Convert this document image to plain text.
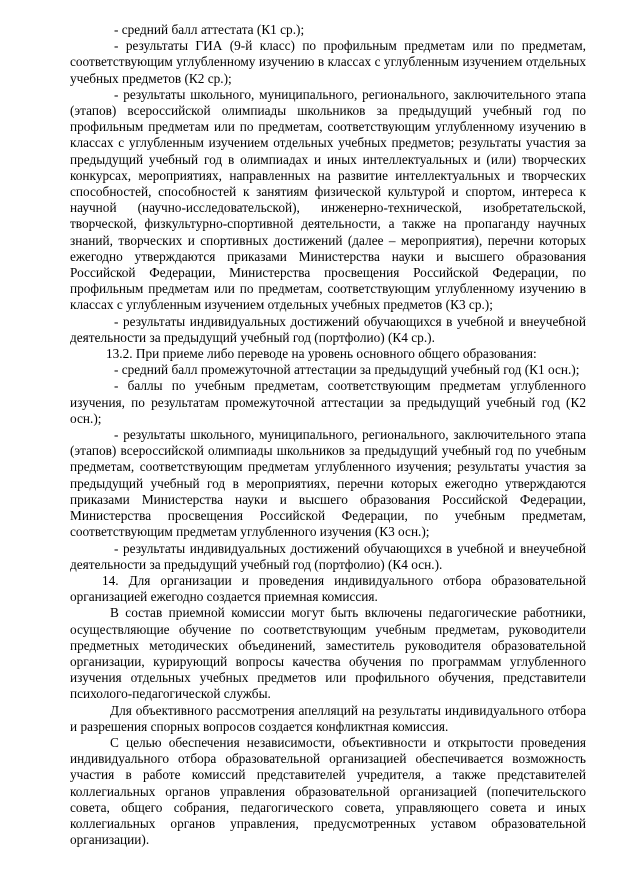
- средний балл аттестата (К1 ср.);

- результаты ГИА (9-й класс) по профильным предметам или по предметам, соответствующим углубленному изучению в классах с углубленным изучением отдельных учебных предметов (К2 ср.);

- результаты школьного, муниципального, регионального, заключительного этапа (этапов) всероссийской олимпиады школьников за предыдущий учебный год по профильным предметам или по предметам, соответствующим углубленному изучению в классах с углубленным изучением отдельных учебных предметов; результаты участия за предыдущий учебный год в олимпиадах и иных интеллектуальных и (или) творческих конкурсах, мероприятиях, направленных на развитие интеллектуальных и творческих способностей, способностей к занятиям физической культурой и спортом, интереса к научной (научно-исследовательской), инженерно-технической, изобретательской, творческой, физкультурно-спортивной деятельности, а также на пропаганду научных знаний, творческих и спортивных достижений (далее – мероприятия), перечни которых ежегодно утверждаются приказами Министерства науки и высшего образования Российской Федерации, Министерства просвещения Российской Федерации, по профильным предметам или по предметам, соответствующим углубленному изучению в классах с углубленным изучением отдельных учебных предметов (К3 ср.);

- результаты индивидуальных достижений обучающихся в учебной и внеучебной деятельности за предыдущий учебный год (портфолио) (К4 ср.).

13.2. При приеме либо переводе на уровень основного общего образования:

- средний балл промежуточной аттестации за предыдущий учебный год (К1 осн.);

- баллы по учебным предметам, соответствующим предметам углубленного изучения, по результатам промежуточной аттестации за предыдущий учебный год (К2 осн.);

- результаты школьного, муниципального, регионального, заключительного этапа (этапов) всероссийской олимпиады школьников за предыдущий учебный год по учебным предметам, соответствующим предметам углубленного изучения; результаты участия за предыдущий учебный год в мероприятиях, перечни которых ежегодно утверждаются приказами Министерства науки и высшего образования Российской Федерации, Министерства просвещения Российской Федерации, по учебным предметам, соответствующим предметам углубленного изучения (К3 осн.);

- результаты индивидуальных достижений обучающихся в учебной и внеучебной деятельности за предыдущий учебный год (портфолио) (К4 осн.).

14. Для организации и проведения индивидуального отбора образовательной организацией ежегодно создается приемная комиссия.

В состав приемной комиссии могут быть включены педагогические работники, осуществляющие обучение по соответствующим учебным предметам, руководители предметных методических объединений, заместитель руководителя образовательной организации, курирующий вопросы качества обучения по программам углубленного изучения отдельных учебных предметов или профильного обучения, представители психолого-педагогической службы.

Для объективного рассмотрения апелляций на результаты индивидуального отбора и разрешения спорных вопросов создается конфликтная комиссия.

С целью обеспечения независимости, объективности и открытости проведения индивидуального отбора образовательной организацией обеспечивается возможность участия в работе комиссий представителей учредителя, а также представителей коллегиальных органов управления образовательной организацией (попечительского совета, общего собрания, педагогического совета, управляющего совета и иных коллегиальных органов управления, предусмотренных уставом образовательной организации).
